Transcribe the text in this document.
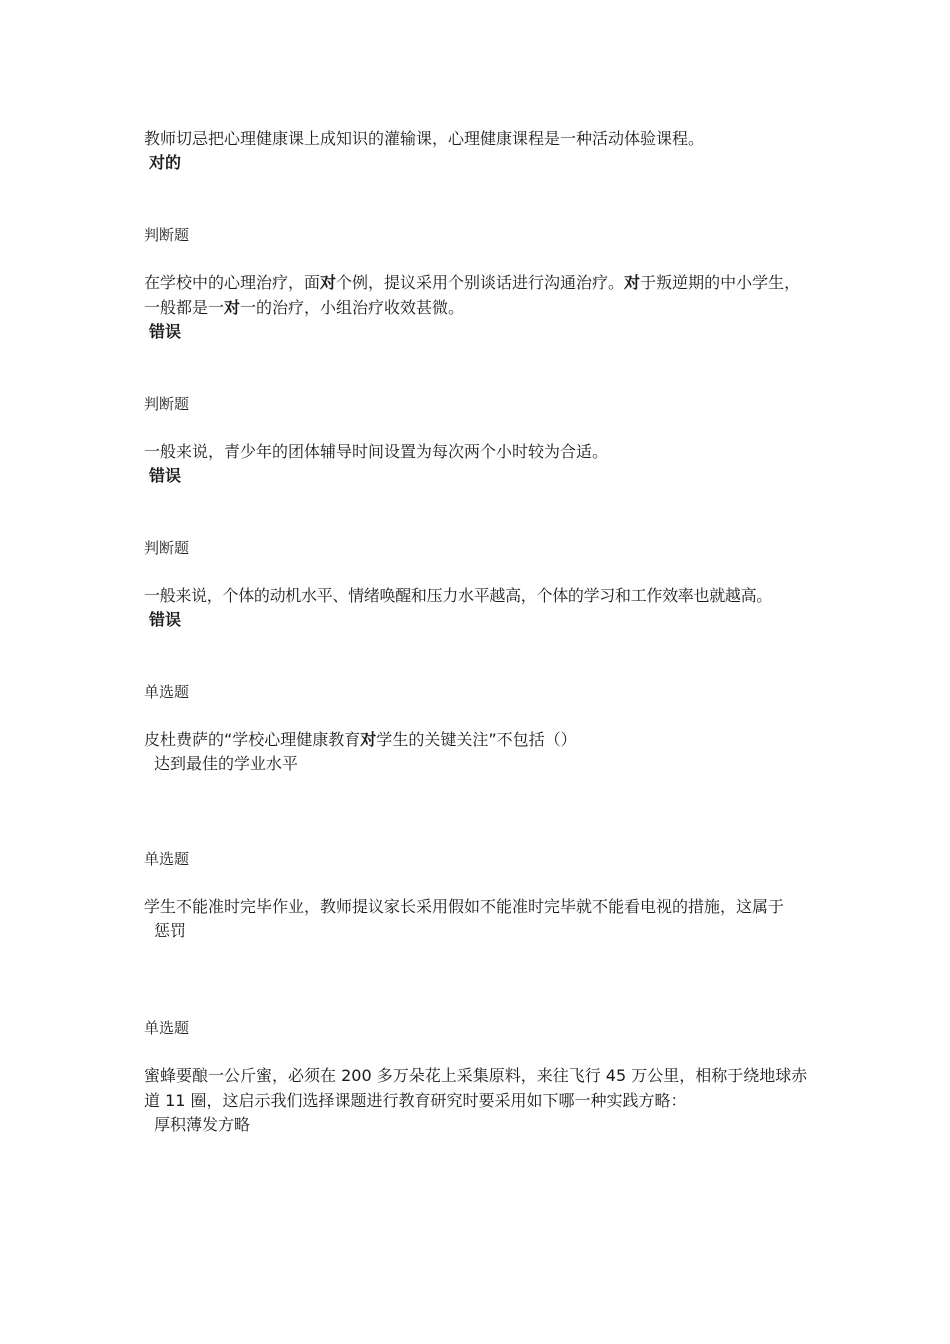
教师切忌把心理健康课上成知识的灌输课，心理健康课程是一种活动体验课程。
对的
判断题
在学校中的心理治疗，面对个例，提议采用个别谈话进行沟通治疗。对于叛逆期的中小学生，一般都是一对一的治疗，小组治疗收效甚微。
错误
判断题
一般来说，青少年的团体辅导时间设置为每次两个小时较为合适。
错误
判断题
一般来说，个体的动机水平、情绪唤醒和压力水平越高，个体的学习和工作效率也就越高。
错误
单选题
皮杜费萨的“学校心理健康教育对学生的关键关注”不包括（）
达到最佳的学业水平
单选题
学生不能准时完毕作业，教师提议家长采用假如不能准时完毕就不能看电视的措施，这属于
惩罚
单选题
蜜蜂要酿一公斤蜜，必须在 200 多万朵花上采集原料，来往飞行 45 万公里，相称于绕地球赤道 11 圈，这启示我们选择课题进行教育研究时要采用如下哪一种实践方略：
厚积薄发方略
